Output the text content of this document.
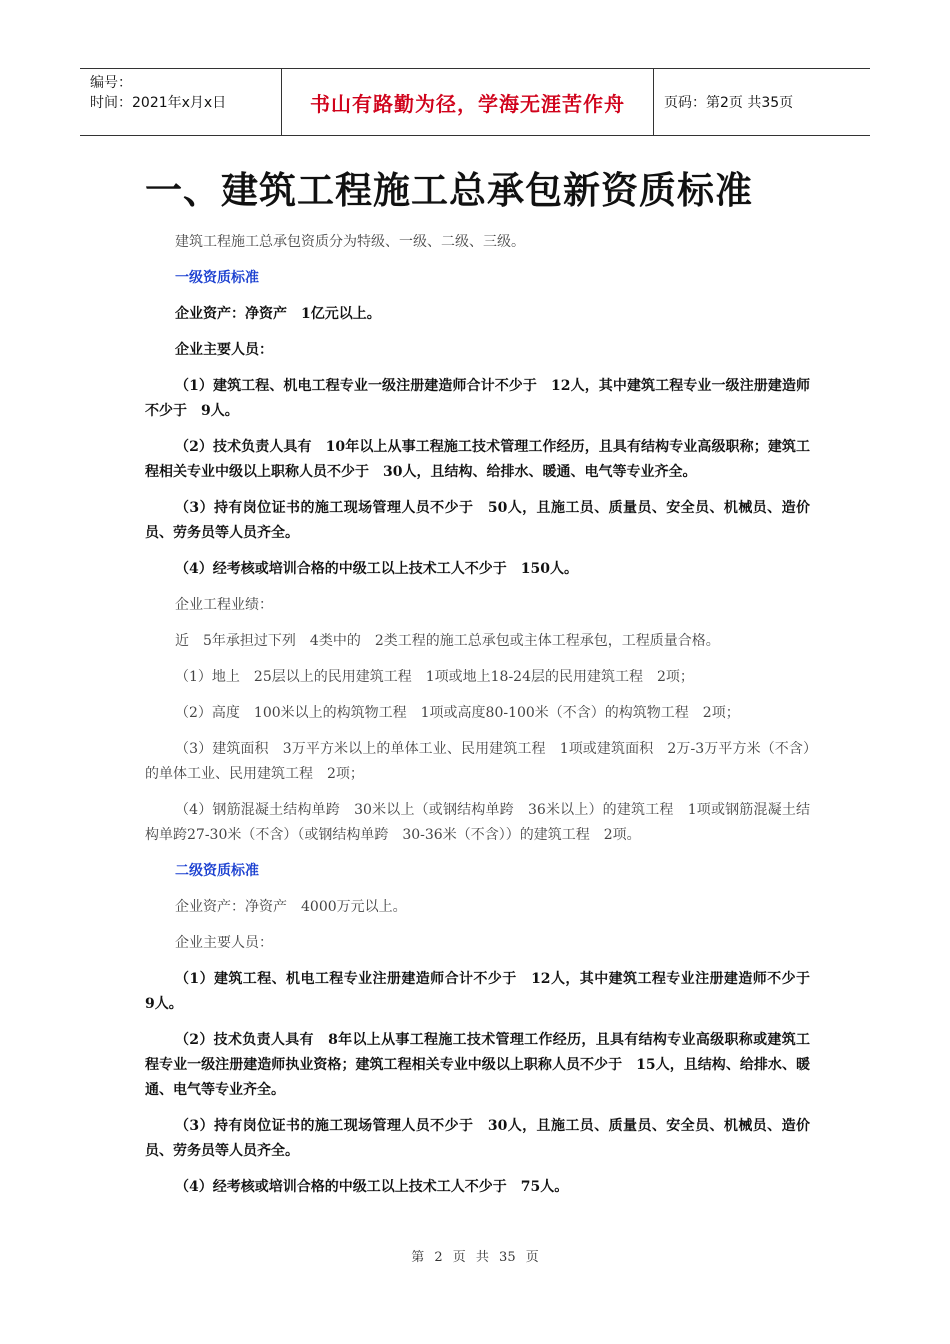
编号：
时间：2021年x月x日	书山有路勤为径，学海无涯苦作舟	页码：第2页 共35页
一、建筑工程施工总承包新资质标准

建筑工程施工总承包资质分为特级、一级、二级、三级。

一级资质标准

企业资产：净资产　1亿元以上。

企业主要人员：

（1）建筑工程、机电工程专业一级注册建造师合计不少于　12人，其中建筑工程专业一级注册建造师不少于　9人。

（2）技术负责人具有　10年以上从事工程施工技术管理工作经历，且具有结构专业高级职称；建筑工程相关专业中级以上职称人员不少于　30人，且结构、给排水、暖通、电气等专业齐全。

（3）持有岗位证书的施工现场管理人员不少于　50人，且施工员、质量员、安全员、机械员、造价员、劳务员等人员齐全。

（4）经考核或培训合格的中级工以上技术工人不少于　150人。

企业工程业绩：

近　5年承担过下列　4类中的　2类工程的施工总承包或主体工程承包，工程质量合格。

（1）地上　25层以上的民用建筑工程　1项或地上18-24层的民用建筑工程　2项；

（2）高度　100米以上的构筑物工程　1项或高度80-100米（不含）的构筑物工程　2项；

（3）建筑面积　3万平方米以上的单体工业、民用建筑工程　1项或建筑面积　2万-3万平方米（不含）的单体工业、民用建筑工程　2项；

（4）钢筋混凝土结构单跨　30米以上（或钢结构单跨　36米以上）的建筑工程　1项或钢筋混凝土结构单跨27-30米（不含）（或钢结构单跨　30-36米（不含））的建筑工程　2项。

二级资质标准

企业资产：净资产　4000万元以上。

企业主要人员：

（1）建筑工程、机电工程专业注册建造师合计不少于　12人，其中建筑工程专业注册建造师不少于　9人。

（2）技术负责人具有　8年以上从事工程施工技术管理工作经历，且具有结构专业高级职称或建筑工程专业一级注册建造师执业资格；建筑工程相关专业中级以上职称人员不少于　15人，且结构、给排水、暖通、电气等专业齐全。

（3）持有岗位证书的施工现场管理人员不少于　30人，且施工员、质量员、安全员、机械员、造价员、劳务员等人员齐全。

（4）经考核或培训合格的中级工以上技术工人不少于　75人。

第 2 页 共 35 页
